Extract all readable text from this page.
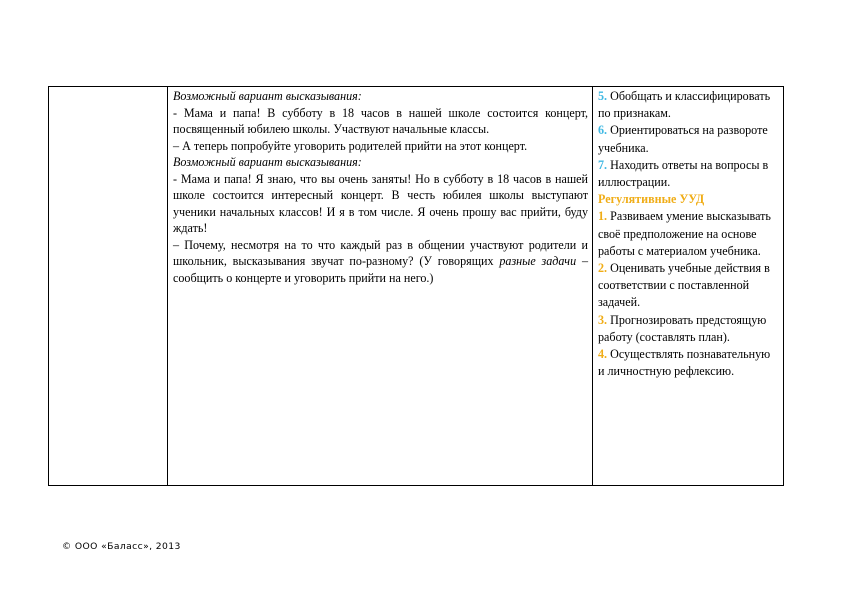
Возможный вариант высказывания:

- Мама и папа! В субботу в 18 часов в нашей школе состоится концерт, посвященный юбилею школы. Участвуют начальные классы.

– А теперь попробуйте уговорить родителей прийти на этот концерт.

Возможный вариант высказывания:

- Мама и папа! Я знаю, что вы очень заняты! Но в субботу в 18 часов в нашей школе состоится интересный концерт. В честь юбилея школы выступают ученики начальных классов! И я в том числе. Я очень прошу вас прийти, буду ждать!

– Почему, несмотря на то что каждый раз в общении участвуют родители и школьник, высказывания звучат по-разному? (У говорящих разные задачи – сообщить о концерте и уговорить прийти на него.)

5. Обобщать и классифицировать по признакам.

6. Ориентироваться на развороте учебника.

7. Находить ответы на вопросы в иллюстрации.

Регулятивные УУД

1. Развиваем умение высказывать своё предположение на основе работы с материалом учебника.

2. Оценивать учебные действия в соответствии с поставленной задачей.

3. Прогнозировать предстоящую работу (составлять план).

4. Осуществлять познавательную и личностную рефлексию.

© ООО «Баласс», 2013
